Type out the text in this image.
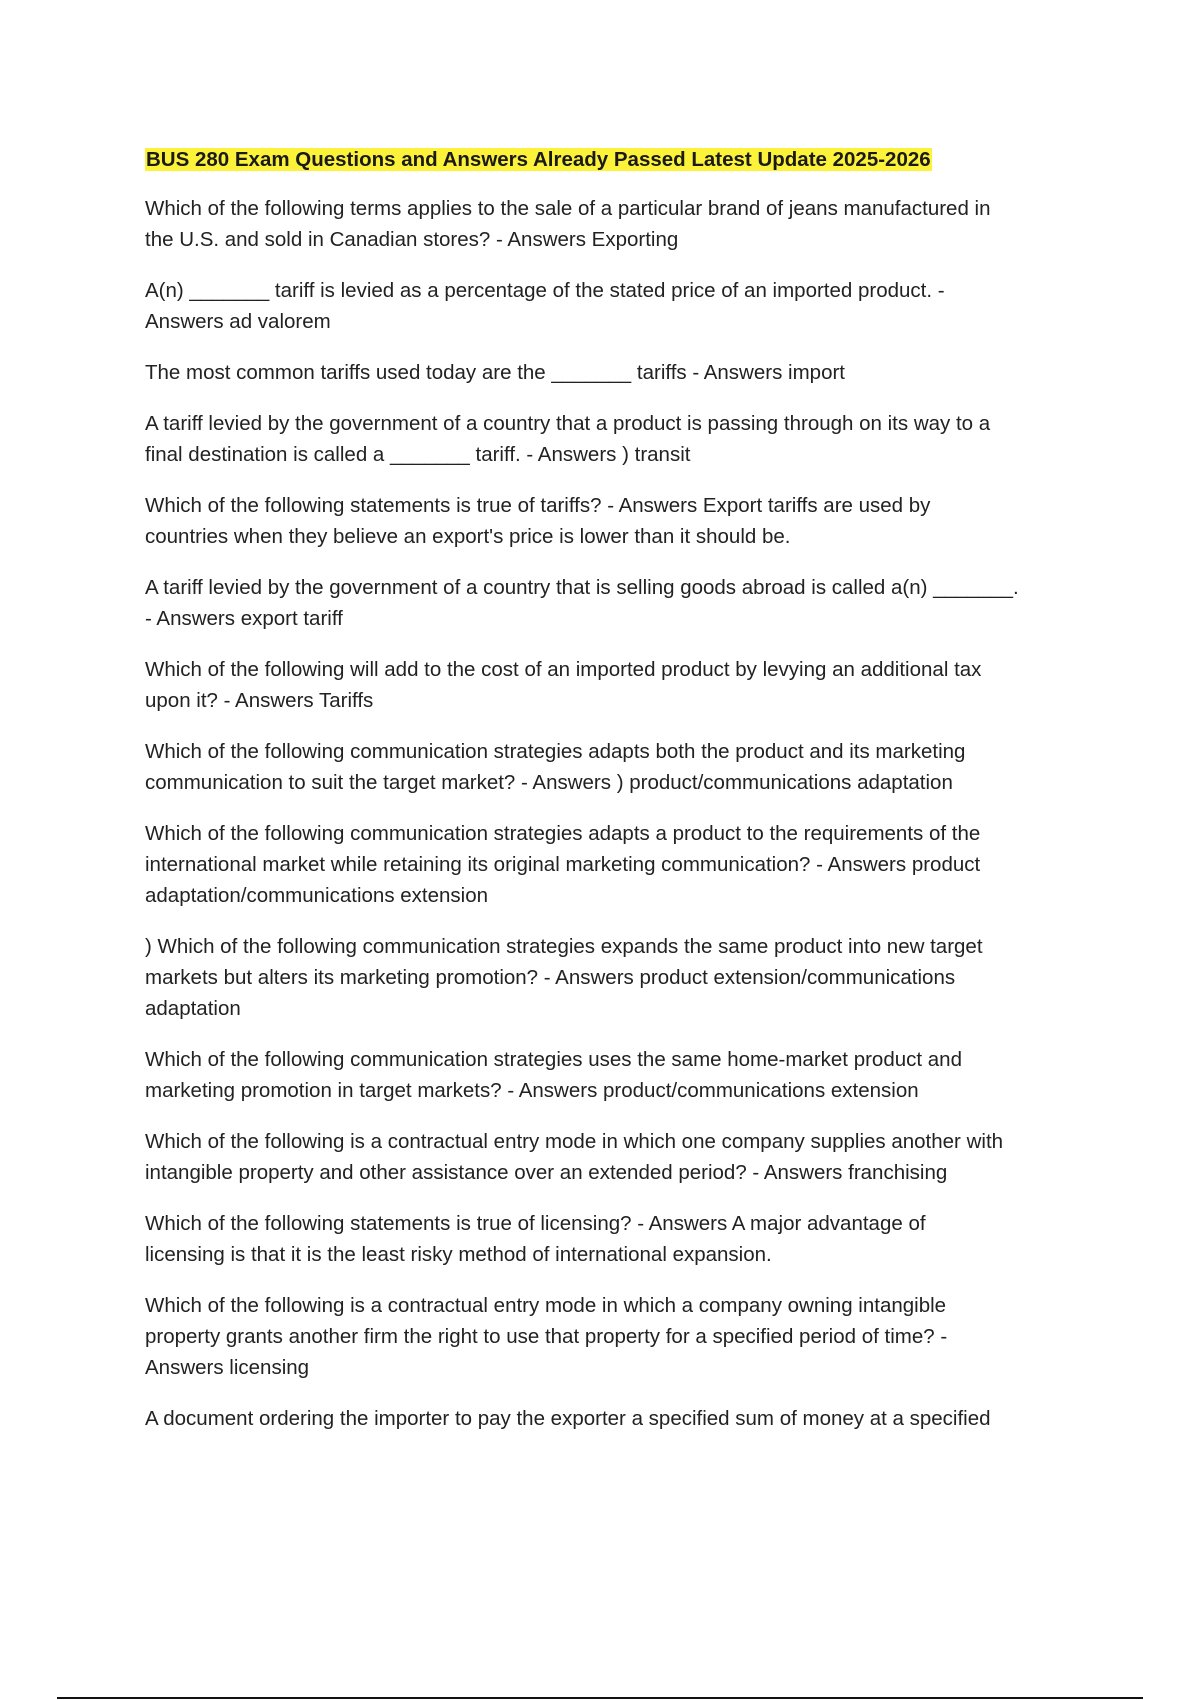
BUS 280 Exam Questions and Answers Already Passed Latest Update 2025-2026

Which of the following terms applies to the sale of a particular brand of jeans manufactured in
the U.S. and sold in Canadian stores? - Answers Exporting

A(n) _______ tariff is levied as a percentage of the stated price of an imported product. -
Answers ad valorem

The most common tariffs used today are the _______ tariffs - Answers import

A tariff levied by the government of a country that a product is passing through on its way to a
final destination is called a _______ tariff. - Answers ) transit

Which of the following statements is true of tariffs? - Answers Export tariffs are used by
countries when they believe an export's price is lower than it should be.

A tariff levied by the government of a country that is selling goods abroad is called a(n) _______.
- Answers export tariff

Which of the following will add to the cost of an imported product by levying an additional tax
upon it? - Answers Tariffs

Which of the following communication strategies adapts both the product and its marketing
communication to suit the target market? - Answers ) product/communications adaptation

Which of the following communication strategies adapts a product to the requirements of the
international market while retaining its original marketing communication? - Answers product
adaptation/communications extension

) Which of the following communication strategies expands the same product into new target
markets but alters its marketing promotion? - Answers product extension/communications
adaptation

Which of the following communication strategies uses the same home-market product and
marketing promotion in target markets? - Answers product/communications extension

Which of the following is a contractual entry mode in which one company supplies another with
intangible property and other assistance over an extended period? - Answers franchising

Which of the following statements is true of licensing? - Answers A major advantage of
licensing is that it is the least risky method of international expansion.

Which of the following is a contractual entry mode in which a company owning intangible
property grants another firm the right to use that property for a specified period of time? -
Answers licensing

A document ordering the importer to pay the exporter a specified sum of money at a specified
